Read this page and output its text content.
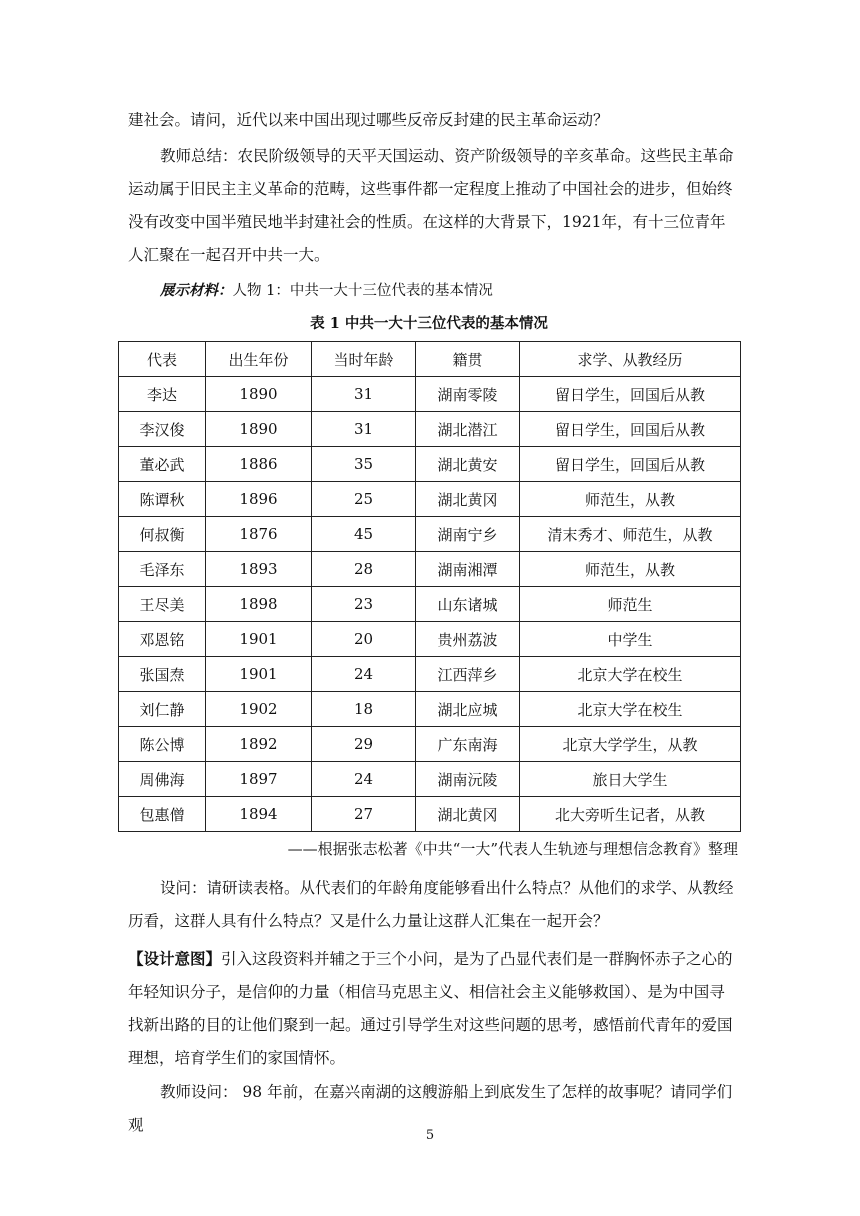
建社会。请问，近代以来中国出现过哪些反帝反封建的民主革命运动？

教师总结：农民阶级领导的天平天国运动、资产阶级领导的辛亥革命。这些民主革命运动属于旧民主主义革命的范畴，这些事件都一定程度上推动了中国社会的进步，但始终没有改变中国半殖民地半封建社会的性质。在这样的大背景下，1921年，有十三位青年人汇聚在一起召开中共一大。

展示材料：人物 1：中共一大十三位代表的基本情况
表 1 中共一大十三位代表的基本情况
代表	出生年份	当时年龄	籍贯	求学、从教经历
李达	1890	31	湖南零陵	留日学生，回国后从教
李汉俊	1890	31	湖北潜江	留日学生，回国后从教
董必武	1886	35	湖北黄安	留日学生，回国后从教
陈谭秋	1896	25	湖北黄冈	师范生，从教
何叔衡	1876	45	湖南宁乡	清末秀才、师范生，从教
毛泽东	1893	28	湖南湘潭	师范生，从教
王尽美	1898	23	山东诸城	师范生
邓恩铭	1901	20	贵州荔波	中学生
张国焘	1901	24	江西萍乡	北京大学在校生
刘仁静	1902	18	湖北应城	北京大学在校生
陈公博	1892	29	广东南海	北京大学学生，从教
周佛海	1897	24	湖南沅陵	旅日大学生
包惠僧	1894	27	湖北黄冈	北大旁听生记者，从教
——根据张志松著《中共“一大”代表人生轨迹与理想信念教育》整理

设问：请研读表格。从代表们的年龄角度能够看出什么特点？从他们的求学、从教经历看，这群人具有什么特点？又是什么力量让这群人汇集在一起开会？

【设计意图】引入这段资料并辅之于三个小问，是为了凸显代表们是一群胸怀赤子之心的年轻知识分子，是信仰的力量（相信马克思主义、相信社会主义能够救国）、是为中国寻找新出路的目的让他们聚到一起。通过引导学生对这些问题的思考，感悟前代青年的爱国理想，培育学生们的家国情怀。

教师设问： 98 年前，在嘉兴南湖的这艘游船上到底发生了怎样的故事呢？请同学们观

5
